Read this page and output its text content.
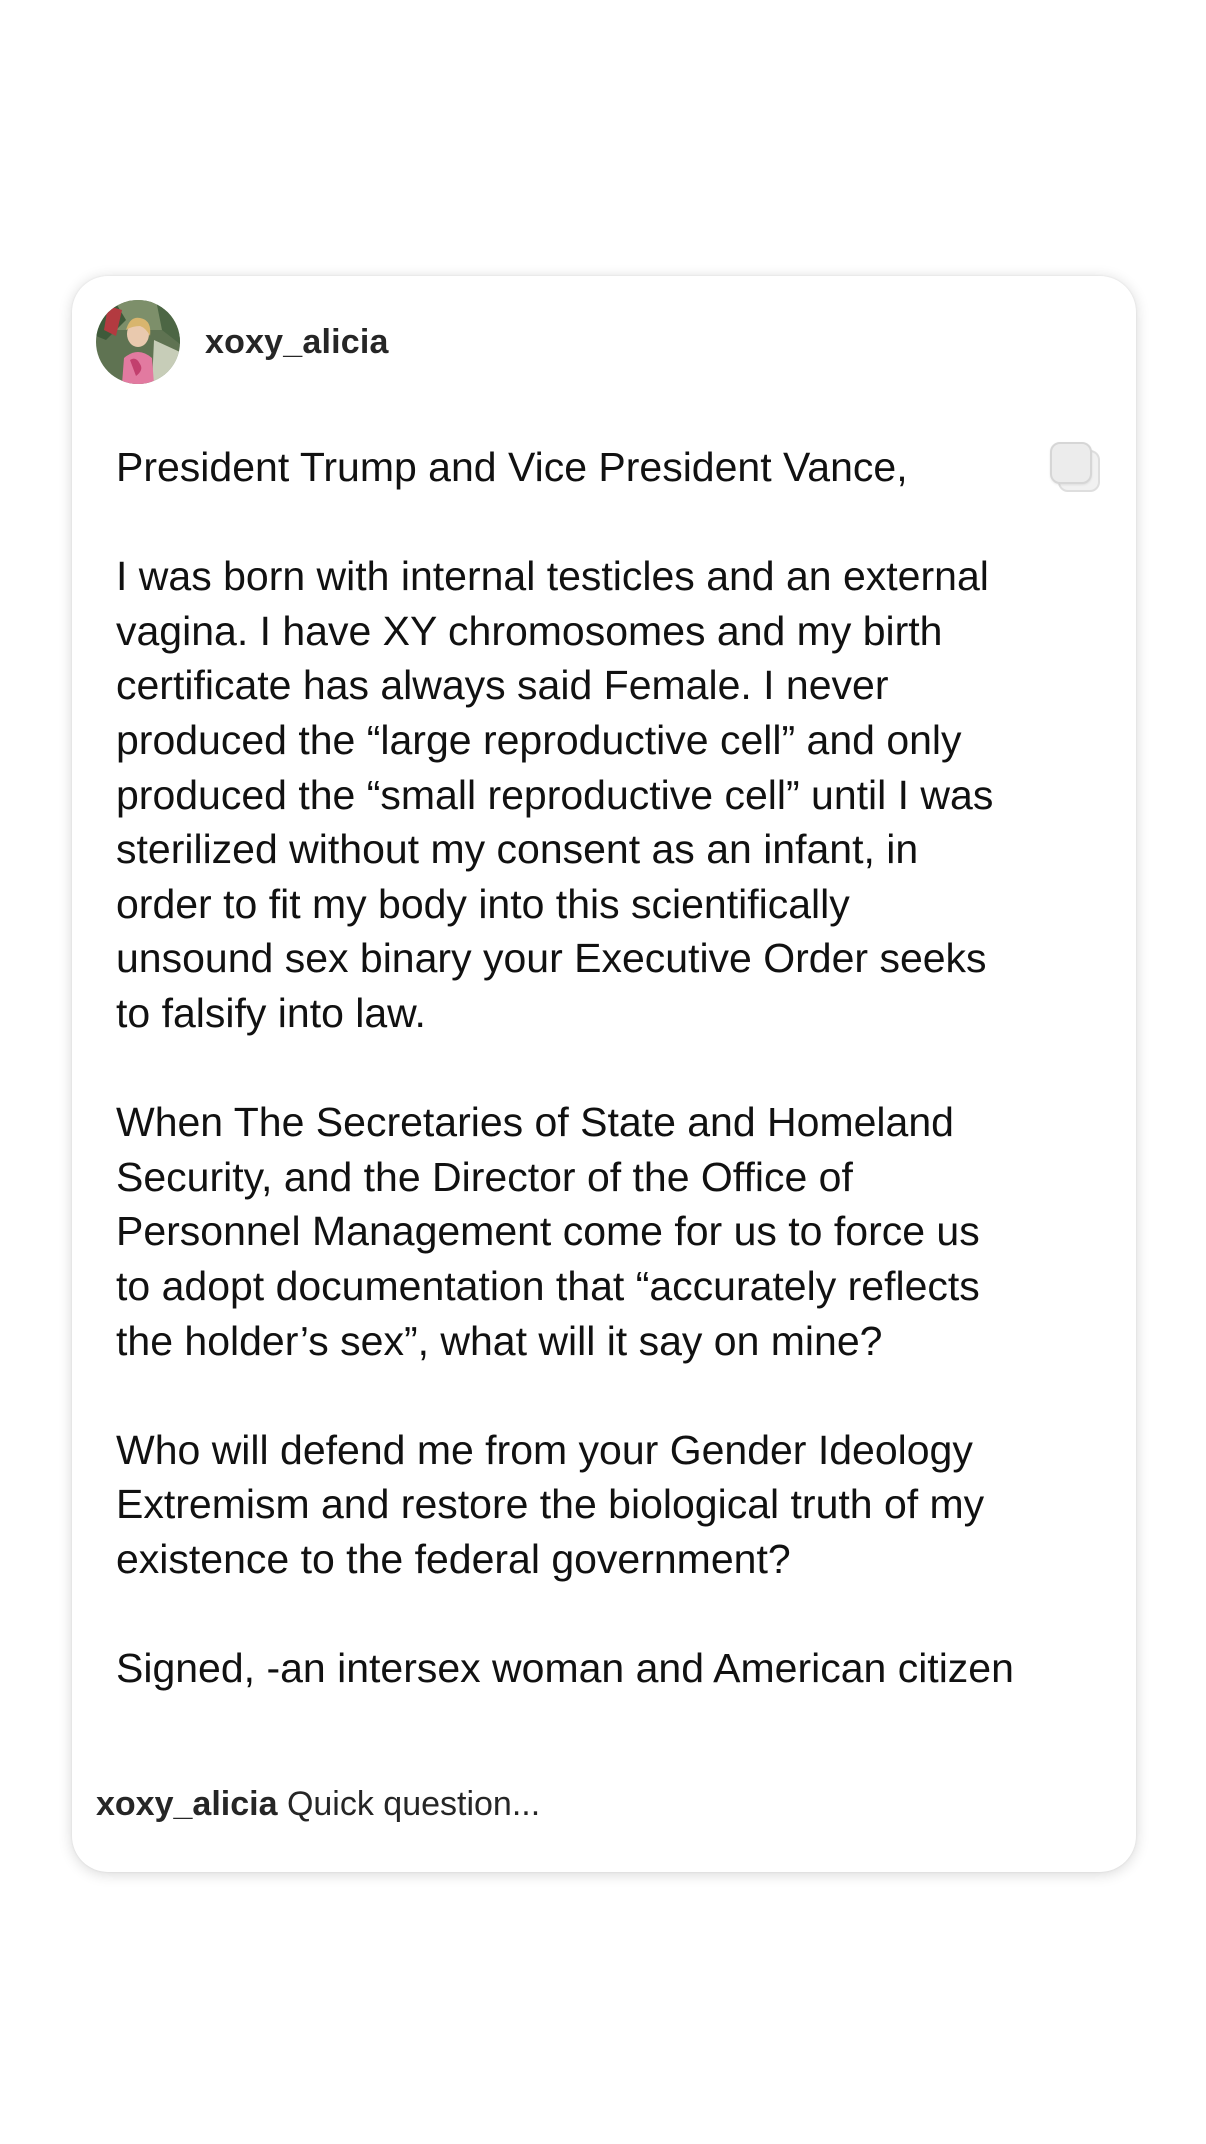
xoxy_alicia

President Trump and Vice President Vance,

I was born with internal testicles and an external
vagina. I have XY chromosomes and my birth
certificate has always said Female. I never
produced the “large reproductive cell” and only
produced the “small reproductive cell” until I was
sterilized without my consent as an infant, in
order to fit my body into this scientifically
unsound sex binary your Executive Order seeks
to falsify into law.

When The Secretaries of State and Homeland
Security, and the Director of the Office of
Personnel Management come for us to force us
to adopt documentation that “accurately reflects
the holder’s sex”, what will it say on mine?

Who will defend me from your Gender Ideology
Extremism and restore the biological truth of my
existence to the federal government?

Signed, -an intersex woman and American citizen

xoxy_alicia Quick question...
